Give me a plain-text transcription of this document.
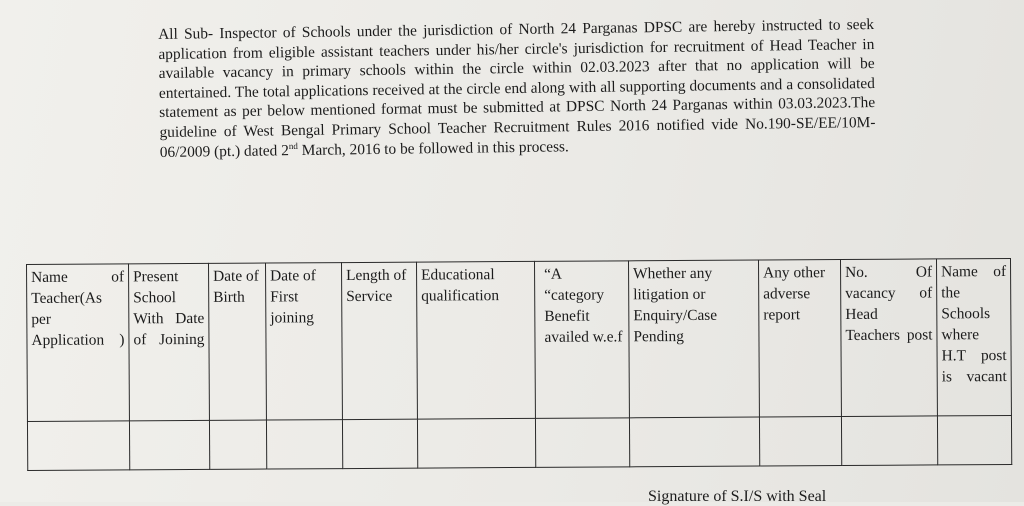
All Sub- Inspector of Schools under the jurisdiction of North 24 Parganas DPSC are hereby instructed to seek application from eligible assistant teachers under his/her circle's jurisdiction for recruitment of Head Teacher in available vacancy in primary schools within the circle within 02.03.2023 after that no application will be entertained. The total applications received at the circle end along with all supporting documents and a consolidated statement as per below mentioned format must be submitted at DPSC North 24 Parganas within 03.03.2023.The guideline of West Bengal Primary School Teacher Recruitment Rules 2016 notified vide No.190-SE/EE/10M-06/2009 (pt.) dated 2nd March, 2016 to be followed in this process.

Name of Teacher(As per Application )	Present School With Date of Joining	Date of Birth	Date of First joining	Length of Service	Educational qualification	“A “category Benefit availed w.e.f	Whether any litigation or Enquiry/Case Pending	Any other adverse report	No. Of vacancy of Head Teachers post	Name of the Schools where H.T post is vacant

Signature of S.I/S with Seal
